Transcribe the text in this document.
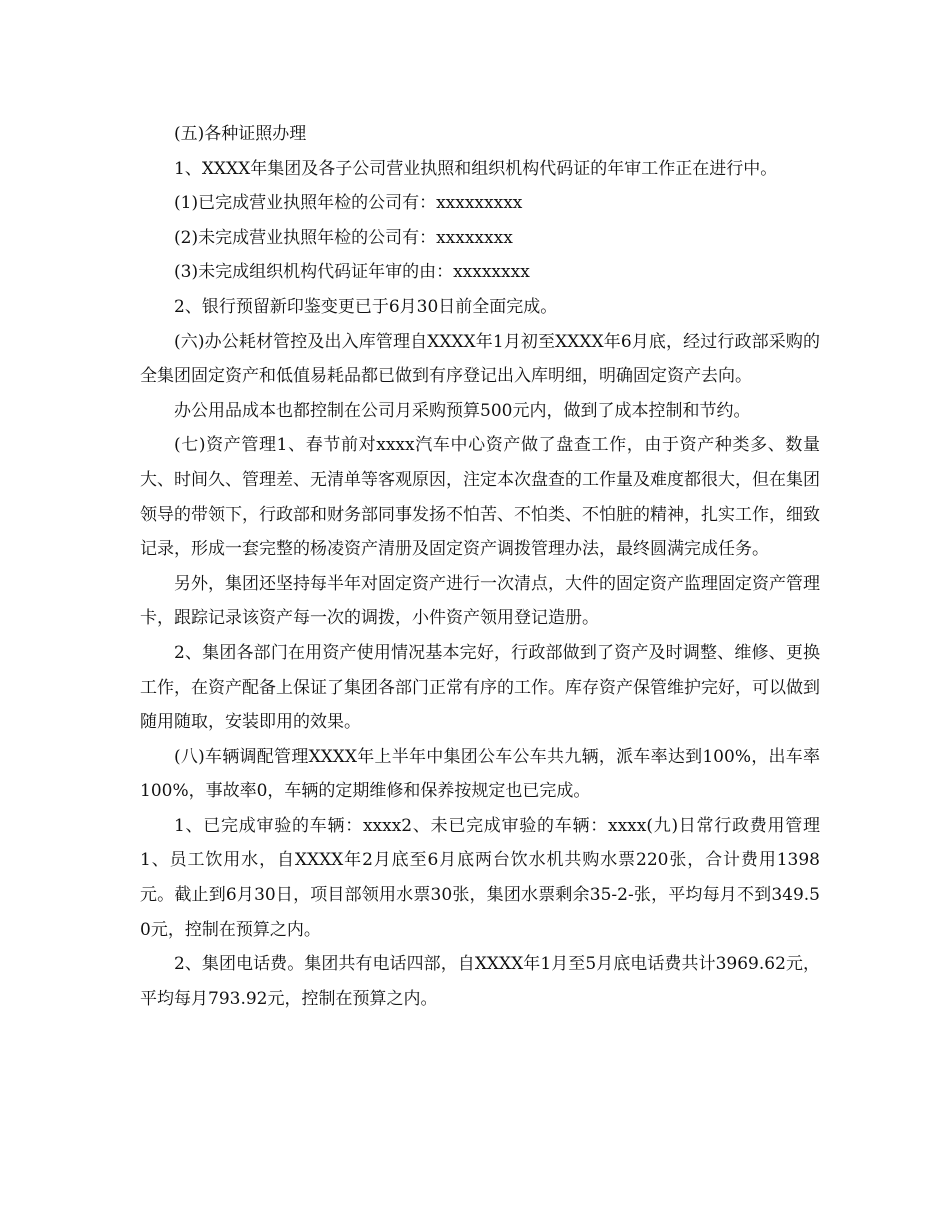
(五)各种证照办理

1、XXXX年集团及各子公司营业执照和组织机构代码证的年审工作正在进行中。

(1)已完成营业执照年检的公司有：xxxxxxxxx

(2)未完成营业执照年检的公司有：xxxxxxxx

(3)未完成组织机构代码证年审的由：xxxxxxxx

2、银行预留新印鉴变更已于6月30日前全面完成。

(六)办公耗材管控及出入库管理自XXXX年1月初至XXXX年6月底，经过行政部采购的全集团固定资产和低值易耗品都已做到有序登记出入库明细，明确固定资产去向。

办公用品成本也都控制在公司月采购预算500元内，做到了成本控制和节约。

(七)资产管理1、春节前对xxxx汽车中心资产做了盘查工作，由于资产种类多、数量大、时间久、管理差、无清单等客观原因，注定本次盘查的工作量及难度都很大，但在集团领导的带领下，行政部和财务部同事发扬不怕苦、不怕类、不怕脏的精神，扎实工作，细致记录，形成一套完整的杨凌资产清册及固定资产调拨管理办法，最终圆满完成任务。

另外，集团还坚持每半年对固定资产进行一次清点，大件的固定资产监理固定资产管理卡，跟踪记录该资产每一次的调拨，小件资产领用登记造册。

2、集团各部门在用资产使用情况基本完好，行政部做到了资产及时调整、维修、更换工作，在资产配备上保证了集团各部门正常有序的工作。库存资产保管维护完好，可以做到随用随取，安装即用的效果。

(八)车辆调配管理XXXX年上半年中集团公车公车共九辆，派车率达到100%，出车率100%，事故率0，车辆的定期维修和保养按规定也已完成。

1、已完成审验的车辆：xxxx2、未已完成审验的车辆：xxxx(九)日常行政费用管理1、员工饮用水，自XXXX年2月底至6月底两台饮水机共购水票220张，合计费用1398元。截止到6月30日，项目部领用水票30张，集团水票剩余35-2-张，平均每月不到349.50元，控制在预算之内。

2、集团电话费。集团共有电话四部，自XXXX年1月至5月底电话费共计3969.62元，平均每月793.92元，控制在预算之内。
